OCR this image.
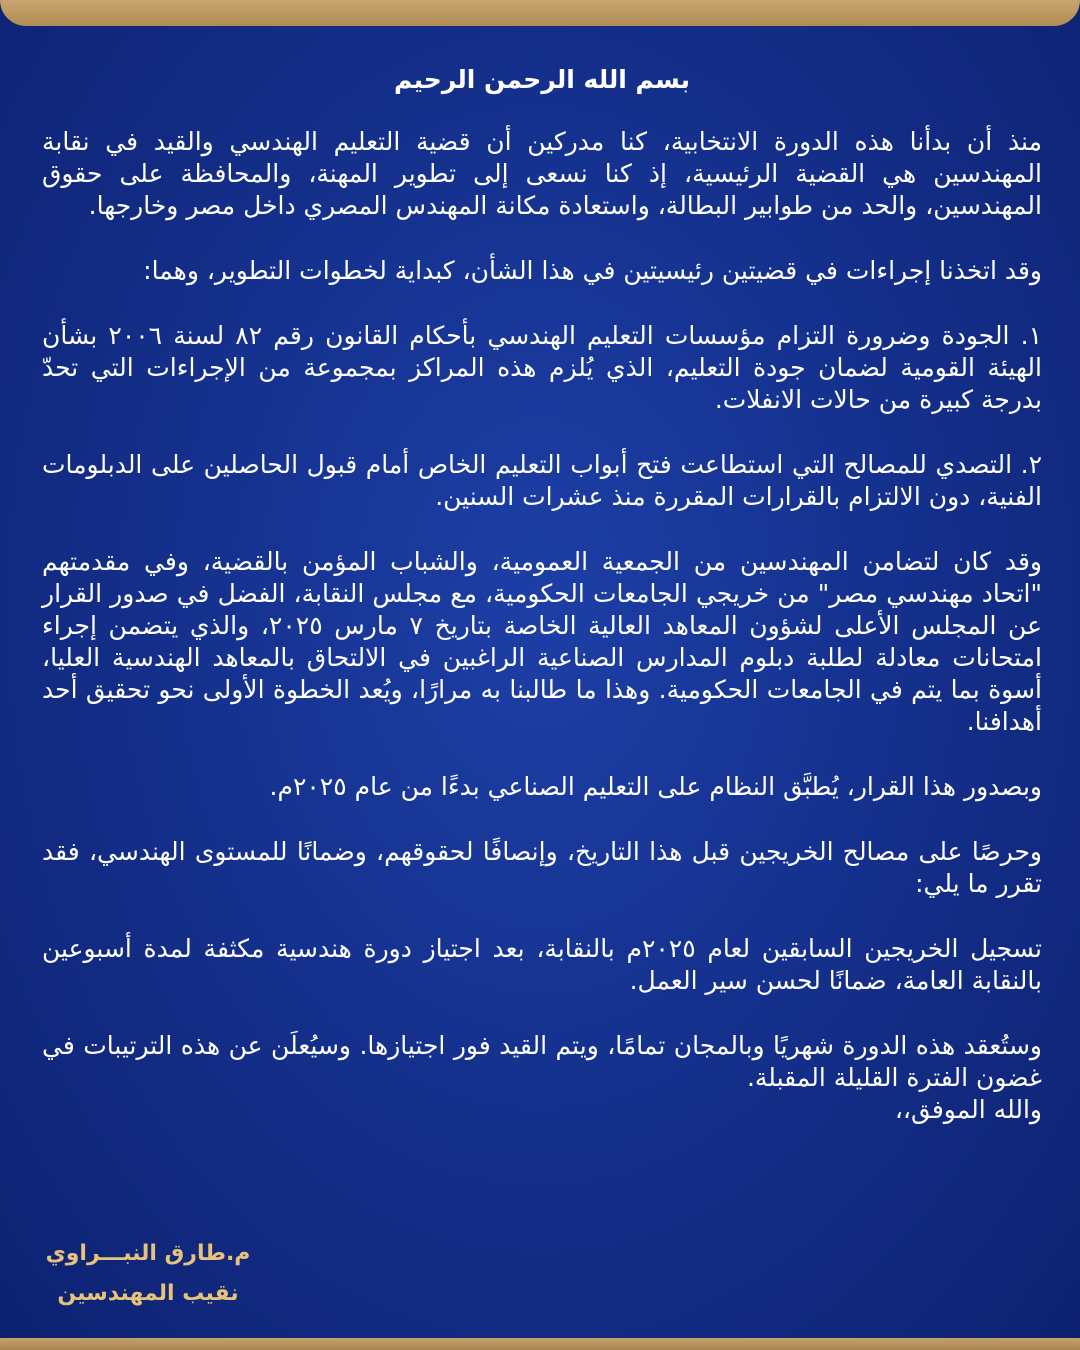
بسم الله الرحمن الرحيم

منذ أن بدأنا هذه الدورة الانتخابية، كنا مدركين أن قضية التعليم الهندسي والقيد في نقابة المهندسين هي القضية الرئيسية، إذ كنا نسعى إلى تطوير المهنة، والمحافظة على حقوق المهندسين، والحد من طوابير البطالة، واستعادة مكانة المهندس المصري داخل مصر وخارجها.

وقد اتخذنا إجراءات في قضيتين رئيسيتين في هذا الشأن، كبداية لخطوات التطوير، وهما:

١. الجودة وضرورة التزام مؤسسات التعليم الهندسي بأحكام القانون رقم ٨٢ لسنة ٢٠٠٦ بشأن الهيئة القومية لضمان جودة التعليم، الذي يُلزم هذه المراكز بمجموعة من الإجراءات التي تحدّ بدرجة كبيرة من حالات الانفلات.

٢. التصدي للمصالح التي استطاعت فتح أبواب التعليم الخاص أمام قبول الحاصلين على الدبلومات الفنية، دون الالتزام بالقرارات المقررة منذ عشرات السنين.

وقد كان لتضامن المهندسين من الجمعية العمومية، والشباب المؤمن بالقضية، وفي مقدمتهم "اتحاد مهندسي مصر" من خريجي الجامعات الحكومية، مع مجلس النقابة، الفضل في صدور القرار عن المجلس الأعلى لشؤون المعاهد العالية الخاصة بتاريخ ٧ مارس ٢٠٢٥، والذي يتضمن إجراء امتحانات معادلة لطلبة دبلوم المدارس الصناعية الراغبين في الالتحاق بالمعاهد الهندسية العليا، أسوة بما يتم في الجامعات الحكومية. وهذا ما طالبنا به مرارًا، ويُعد الخطوة الأولى نحو تحقيق أحد أهدافنا.

وبصدور هذا القرار، يُطبَّق النظام على التعليم الصناعي بدءًا من عام ٢٠٢٥م.

وحرصًا على مصالح الخريجين قبل هذا التاريخ، وإنصافًا لحقوقهم، وضمانًا للمستوى الهندسي، فقد تقرر ما يلي:

تسجيل الخريجين السابقين لعام ٢٠٢٥م بالنقابة، بعد اجتياز دورة هندسية مكثفة لمدة أسبوعين بالنقابة العامة، ضمانًا لحسن سير العمل.

وستُعقد هذه الدورة شهريًا وبالمجان تمامًا، ويتم القيد فور اجتيازها. وسيُعلَن عن هذه الترتيبات في غضون الفترة القليلة المقبلة.

والله الموفق،،

م.طارق النبـــراوي
نقيب المهندسين
